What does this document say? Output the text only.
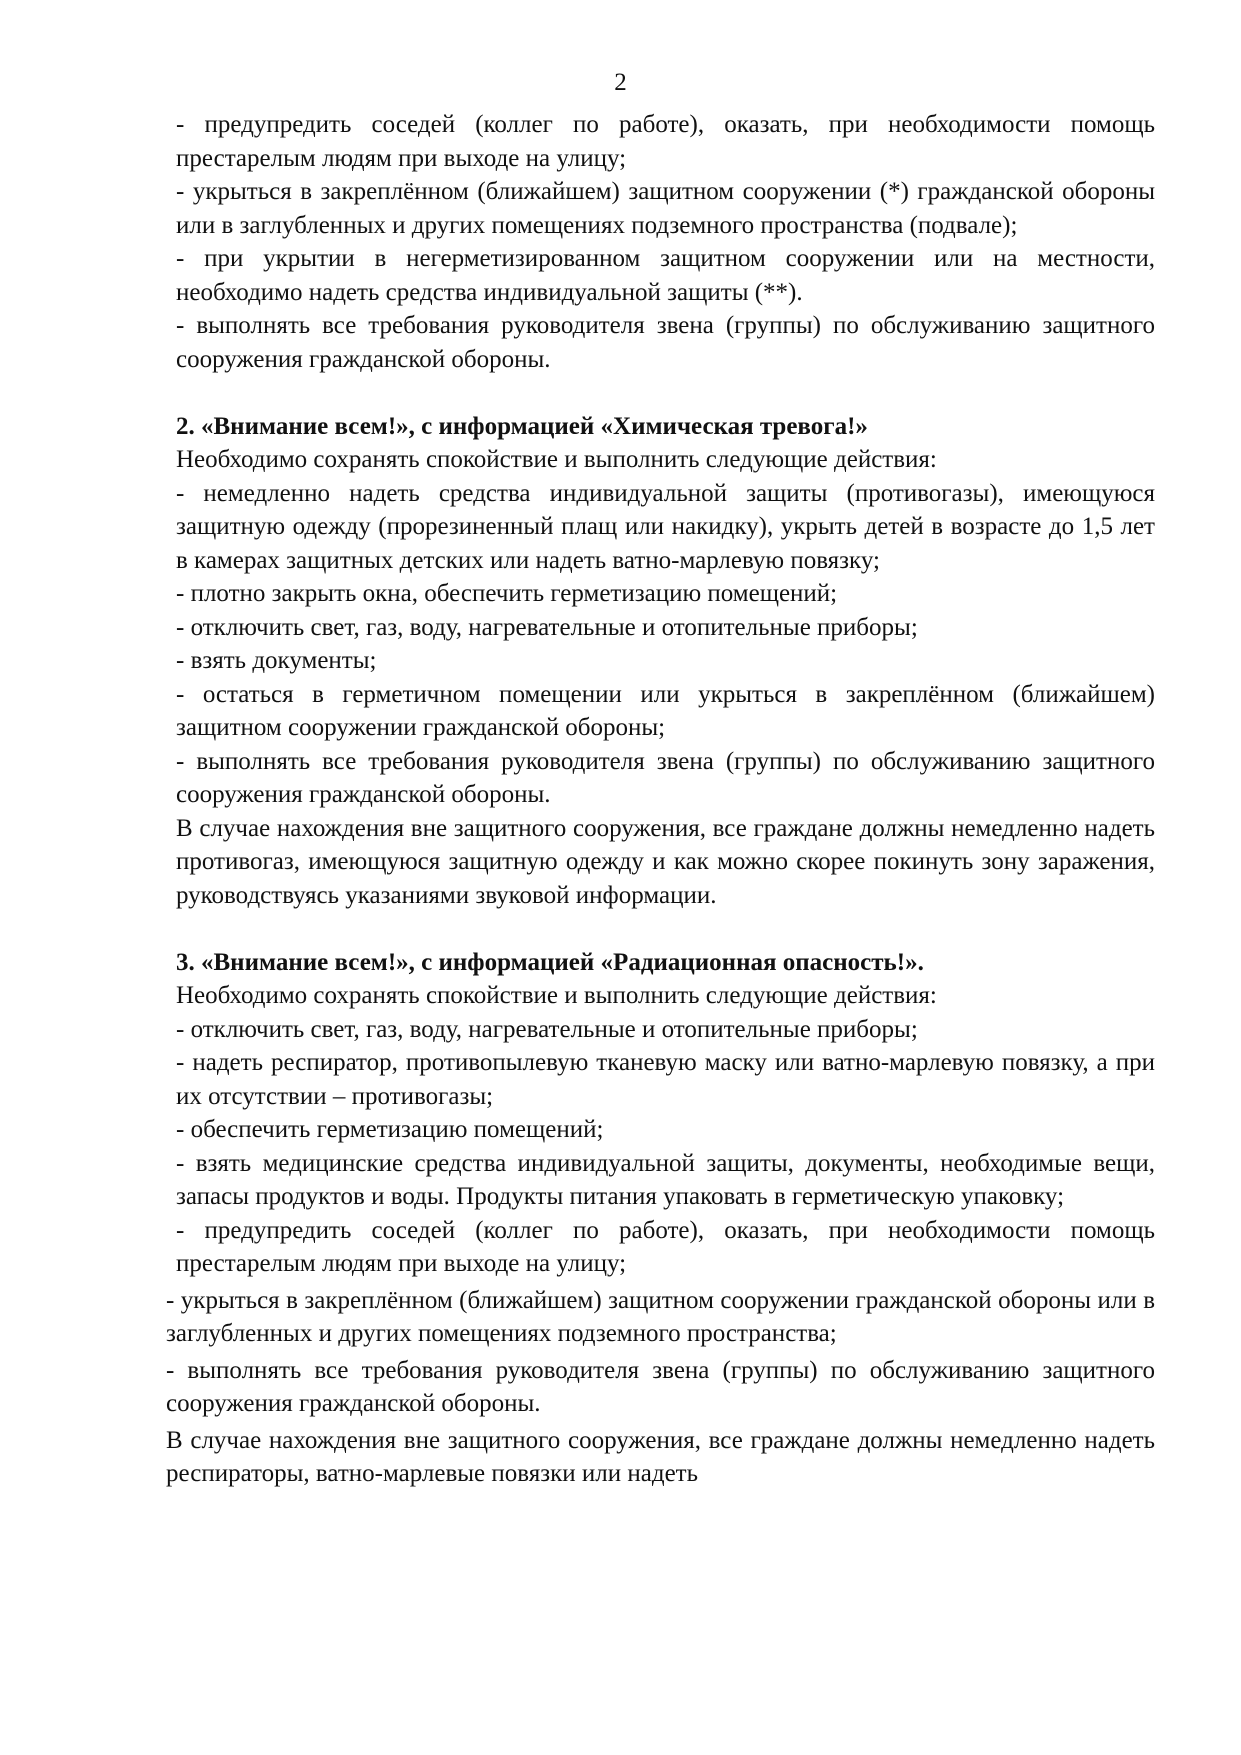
2

- предупредить соседей (коллег по работе), оказать, при необходимости помощь престарелым людям при выходе на улицу;

- укрыться в закреплённом (ближайшем) защитном сооружении (*) гражданской обороны или в заглубленных и других помещениях подземного пространства (подвале);

- при укрытии в негерметизированном защитном сооружении или на местности, необходимо надеть средства индивидуальной защиты (**).

- выполнять все требования руководителя звена (группы) по обслуживанию защитного сооружения гражданской обороны.

2. «Внимание всем!», с информацией «Химическая тревога!»

Необходимо сохранять спокойствие и выполнить следующие действия:

- немедленно надеть средства индивидуальной защиты (противогазы), имеющуюся защитную одежду (прорезиненный плащ или накидку), укрыть детей в возрасте до 1,5 лет в камерах защитных детских или надеть ватно-марлевую повязку;

- плотно закрыть окна, обеспечить герметизацию помещений;

- отключить свет, газ, воду, нагревательные и отопительные приборы;

- взять документы;

- остаться в герметичном помещении или укрыться в закреплённом (ближайшем) защитном сооружении гражданской обороны;

- выполнять все требования руководителя звена (группы) по обслуживанию защитного сооружения гражданской обороны.

В случае нахождения вне защитного сооружения, все граждане должны немедленно надеть противогаз, имеющуюся защитную одежду и как можно скорее покинуть зону заражения, руководствуясь указаниями звуковой информации.

3. «Внимание всем!», с информацией «Радиационная опасность!».

Необходимо сохранять спокойствие и выполнить следующие действия:

- отключить свет, газ, воду, нагревательные и отопительные приборы;

- надеть респиратор, противопылевую тканевую маску или ватно-марлевую повязку, а при их отсутствии – противогазы;

- обеспечить герметизацию помещений;

- взять медицинские средства индивидуальной защиты, документы, необходимые вещи, запасы продуктов и воды. Продукты питания упаковать в герметическую упаковку;

- предупредить соседей (коллег по работе), оказать, при необходимости помощь престарелым людям при выходе на улицу;

- укрыться в закреплённом (ближайшем) защитном сооружении гражданской обороны или в заглубленных и других помещениях подземного пространства;

- выполнять все требования руководителя звена (группы) по обслуживанию защитного сооружения гражданской обороны.

В случае нахождения вне защитного сооружения, все граждане должны немедленно надеть респираторы, ватно-марлевые повязки или надеть
